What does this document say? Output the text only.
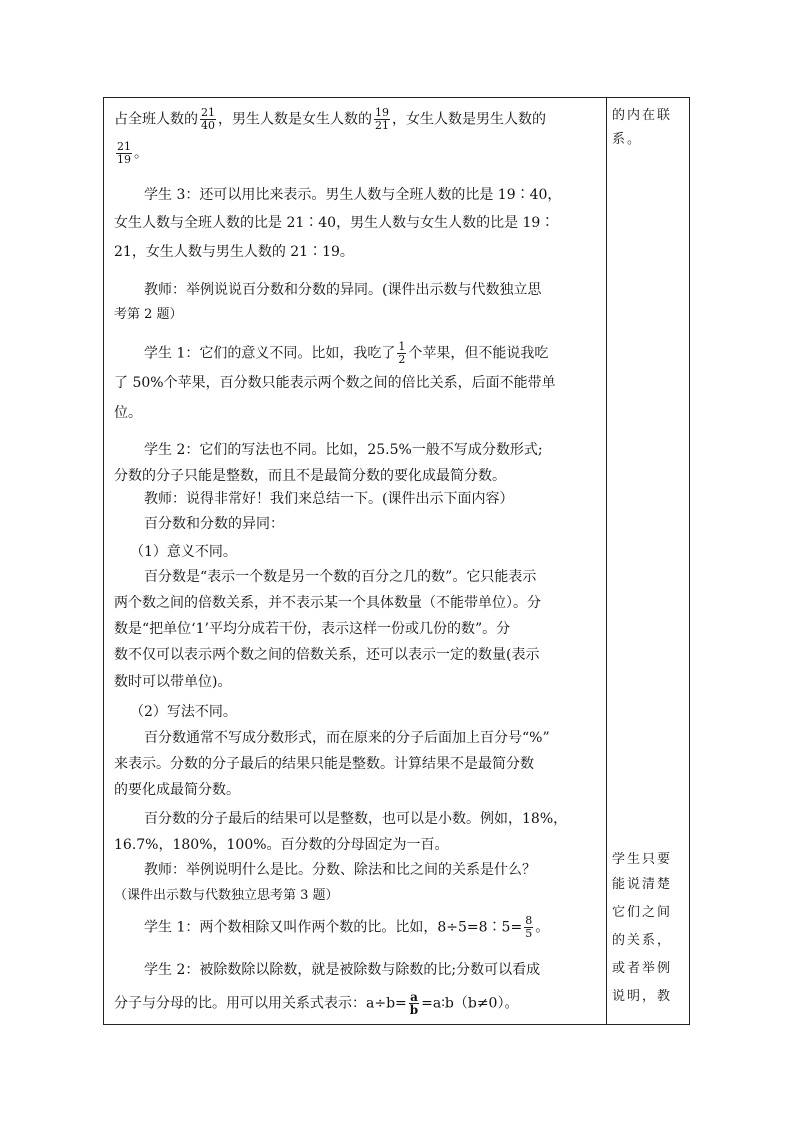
占全班人数的 $\frac{21}{40}$ ，男生人数是女生人数的 $\frac{19}{21}$ ，女生人数是男生人数的
$\frac{21}{19}$ 。
学生 3：还可以用比来表示。男生人数与全班人数的比是 19∶40，
女生人数与全班人数的比是 21∶40，男生人数与女生人数的比是 19∶
21，女生人数与男生人数的 21∶19。
教师：举例说说百分数和分数的异同。(课件出示数与代数独立思
考第 2 题）
学生 1：它们的意义不同。比如，我吃了 $\frac{1}{2}$ 个苹果，但不能说我吃
了 50%个苹果，百分数只能表示两个数之间的倍比关系，后面不能带单
位。
学生 2：它们的写法也不同。比如，25.5%一般不写成分数形式;
分数的分子只能是整数，而且不是最简分数的要化成最简分数。
教师：说得非常好！我们来总结一下。(课件出示下面内容）
百分数和分数的异同：
（1）意义不同。
百分数是“表示一个数是另一个数的百分之几的数”。它只能表示
两个数之间的倍数关系，并不表示某一个具体数量（不能带单位）。分
数是“把单位‘1’平均分成若干份，表示这样一份或几份的数”。分
数不仅可以表示两个数之间的倍数关系，还可以表示一定的数量(表示
数时可以带单位)。
（2）写法不同。
百分数通常不写成分数形式，而在原来的分子后面加上百分号“%”
来表示。分数的分子最后的结果只能是整数。计算结果不是最简分数
的要化成最简分数。
百分数的分子最后的结果可以是整数，也可以是小数。例如，18%，
16.7%，180%，100%。百分数的分母固定为一百。
教师：举例说明什么是比。分数、除法和比之间的关系是什么？
（课件出示数与代数独立思考第 3 题）
学生 1：两个数相除又叫作两个数的比。比如，8÷5=8∶5= $\frac{8}{5}$ 。
学生 2：被除数除以除数，就是被除数与除数的比;分数可以看成
分子与分母的比。用可以用关系式表示：$a\div b= \frac{a}{b}$ =a∶b（b≠0）。
的内在联
系。
学生只要
能说清楚
它们之间
的关系，
或者举例
说明，教
